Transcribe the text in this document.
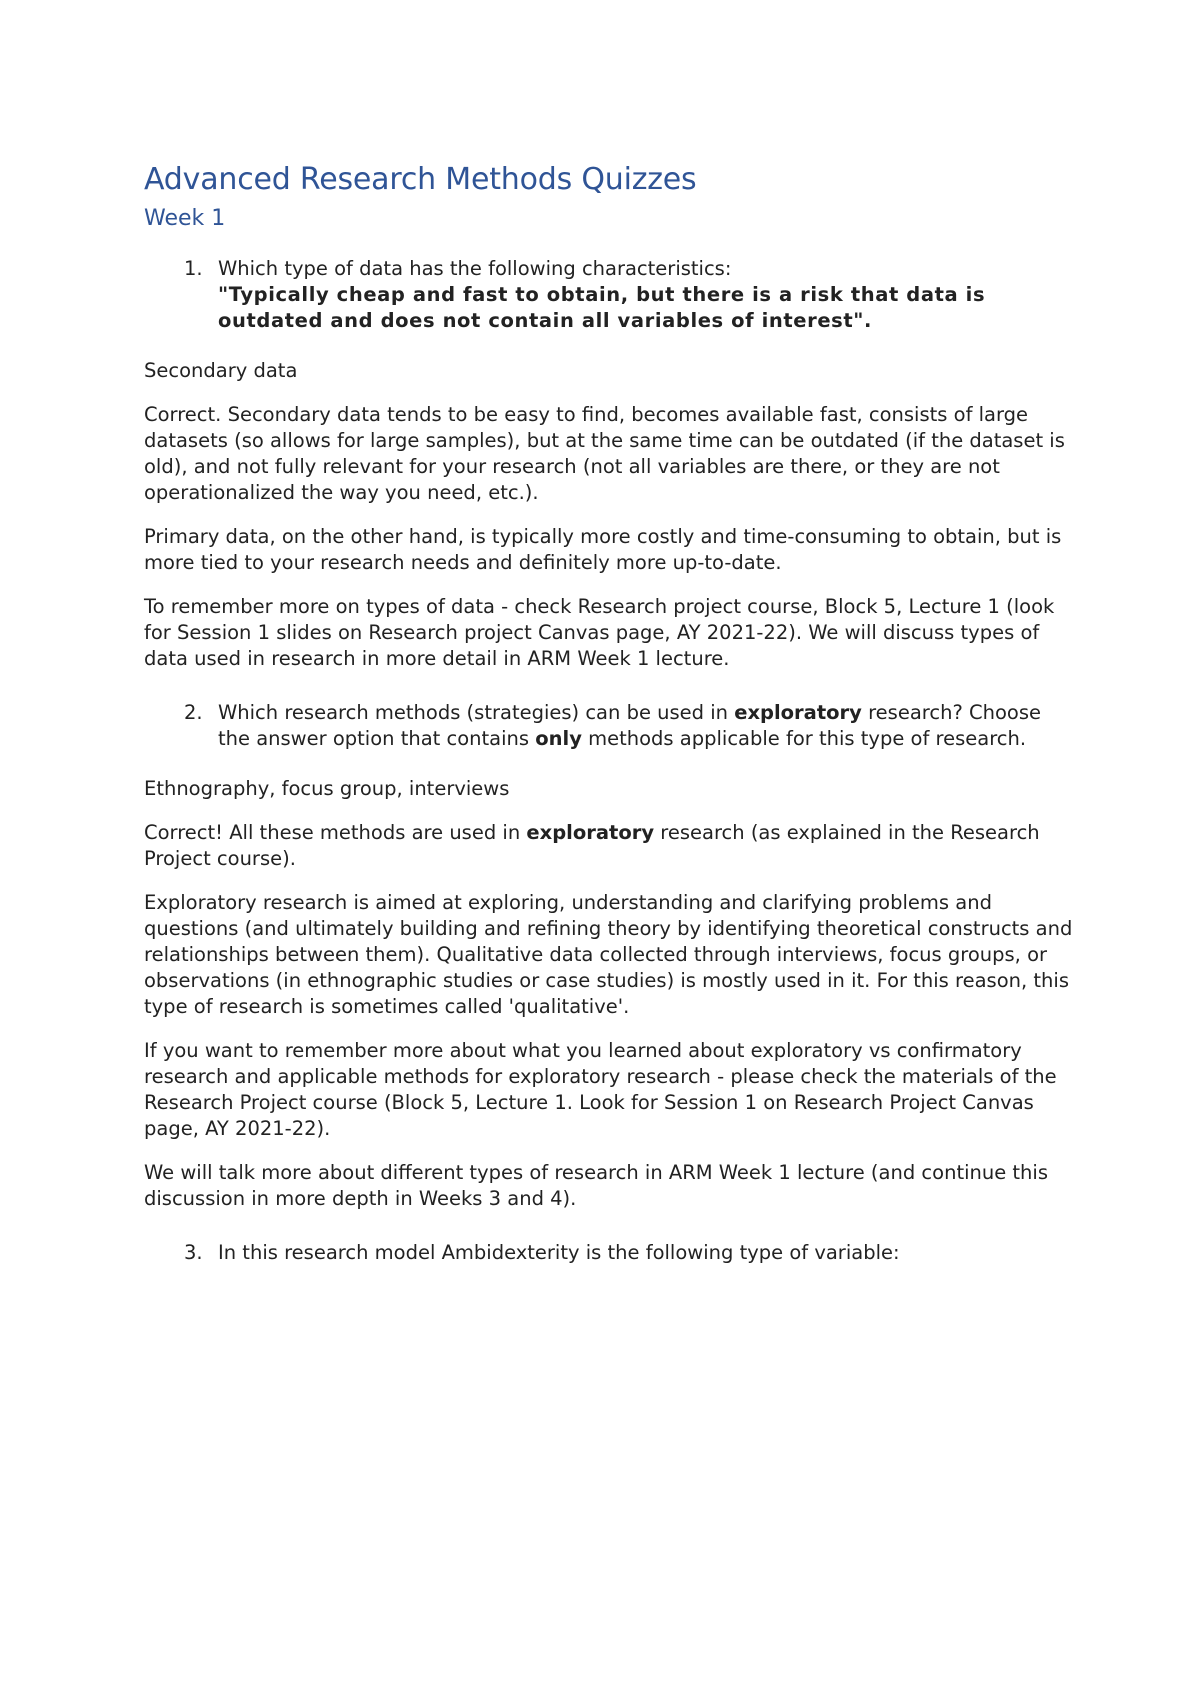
Advanced Research Methods Quizzes
Week 1
1. Which type of data has the following characteristics:
"Typically cheap and fast to obtain, but there is a risk that data is outdated and does not contain all variables of interest".

Secondary data

Correct. Secondary data tends to be easy to find, becomes available fast, consists of large datasets (so allows for large samples), but at the same time can be outdated (if the dataset is old), and not fully relevant for your research (not all variables are there, or they are not operationalized the way you need, etc.).

Primary data, on the other hand, is typically more costly and time-consuming to obtain, but is more tied to your research needs and definitely more up-to-date.

To remember more on types of data - check Research project course, Block 5, Lecture 1 (look for Session 1 slides on Research project Canvas page, AY 2021-22). We will discuss types of data used in research in more detail in ARM Week 1 lecture.

2. Which research methods (strategies) can be used in exploratory research? Choose the answer option that contains only methods applicable for this type of research.

Ethnography, focus group, interviews

Correct! All these methods are used in exploratory research (as explained in the Research Project course).

Exploratory research is aimed at exploring, understanding and clarifying problems and questions (and ultimately building and refining theory by identifying theoretical constructs and relationships between them). Qualitative data collected through interviews, focus groups, or observations (in ethnographic studies or case studies) is mostly used in it. For this reason, this type of research is sometimes called 'qualitative'.

If you want to remember more about what you learned about exploratory vs confirmatory research and applicable methods for exploratory research - please check the materials of the Research Project course (Block 5, Lecture 1. Look for Session 1 on Research Project Canvas page, AY 2021-22).

We will talk more about different types of research in ARM Week 1 lecture (and continue this discussion in more depth in Weeks 3 and 4).

3. In this research model Ambidexterity is the following type of variable:
